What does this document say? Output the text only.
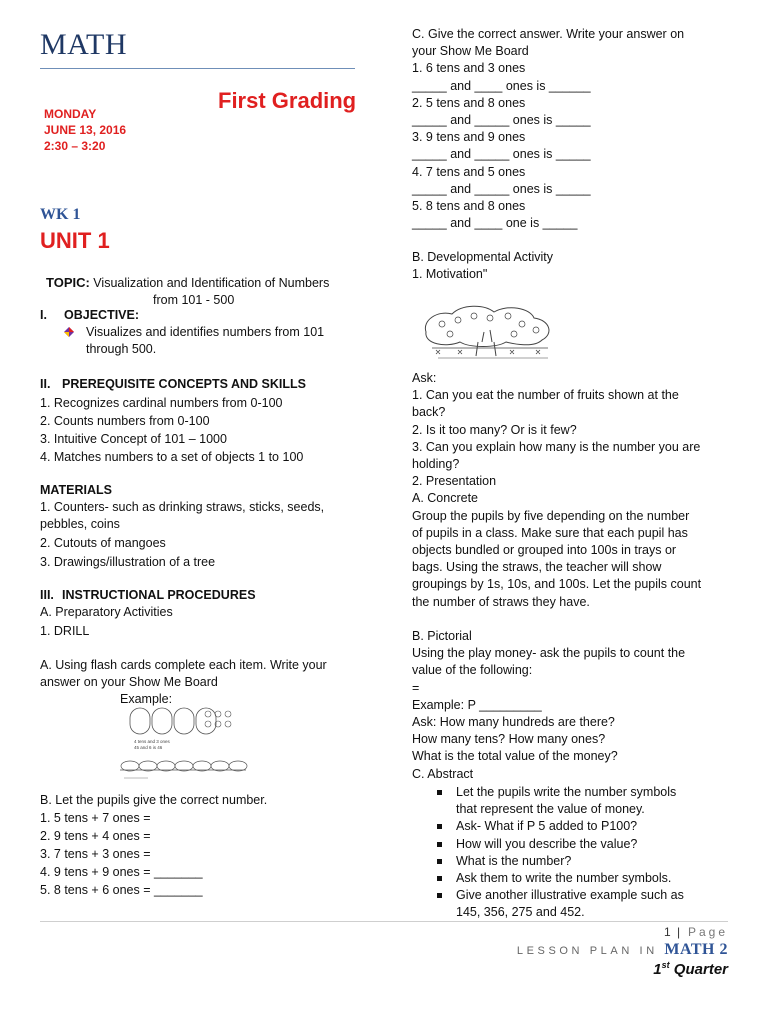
MATH
First Grading
MONDAY
JUNE 13, 2016
2:30 – 3:20
WK 1
UNIT 1
TOPIC: Visualization and Identification of Numbers
from 101 - 500
I. OBJECTIVE:
Visualizes and identifies numbers from 101
through 500.
II. PREREQUISITE CONCEPTS AND SKILLS
1. Recognizes cardinal numbers from 0-100
2. Counts numbers from 0-100
3. Intuitive Concept of 101 – 1000
4. Matches numbers to a set of objects 1 to 100
MATERIALS
1. Counters- such as drinking straws, sticks, seeds,
pebbles, coins
2. Cutouts of mangoes
3. Drawings/illustration of a tree
III. INSTRUCTIONAL PROCEDURES
A. Preparatory Activities
1. DRILL
A. Using flash cards complete each item. Write your
answer on your Show Me Board
Example:
4 tens and 3 ones
45 and 6 is 46
B. Let the pupils give the correct number.
1. 5 tens + 7 ones =
2. 9 tens + 4 ones =
3. 7 tens + 3 ones =
4. 9 tens + 9 ones = _______
5. 8 tens + 6 ones = _______
C. Give the correct answer. Write your answer on
your Show Me Board
1. 6 tens and 3 ones
_____ and ____ ones is ______
2. 5 tens and 8 ones
_____ and _____ ones is _____
3. 9 tens and 9 ones
_____ and _____ ones is _____
4. 7 tens and 5 ones
_____ and _____ ones is _____
5. 8 tens and 8 ones
_____ and ____ one is _____
B. Developmental Activity
1. Motivation"
Ask:
1. Can you eat the number of fruits shown at the
back?
2. Is it too many? Or is it few?
3. Can you explain how many is the number you are
holding?
2. Presentation
A. Concrete
Group the pupils by five depending on the number
of pupils in a class. Make sure that each pupil has
objects bundled or grouped into 100s in trays or
bags. Using the straws, the teacher will show
groupings by 1s, 10s, and 100s. Let the pupils count
the number of straws they have.
B. Pictorial
Using the play money- ask the pupils to count the
value of the following:
=
Example: P _________
Ask: How many hundreds are there?
How many tens? How many ones?
What is the total value of the money?
C. Abstract
Let the pupils write the number symbols
that represent the value of money.
Ask- What if P 5 added to P100?
How will you describe the value?
What is the number?
Ask them to write the number symbols.
Give another illustrative example such as
145, 356, 275 and 452.
1 | Page
LESSON PLAN IN MATH 2
1st Quarter
